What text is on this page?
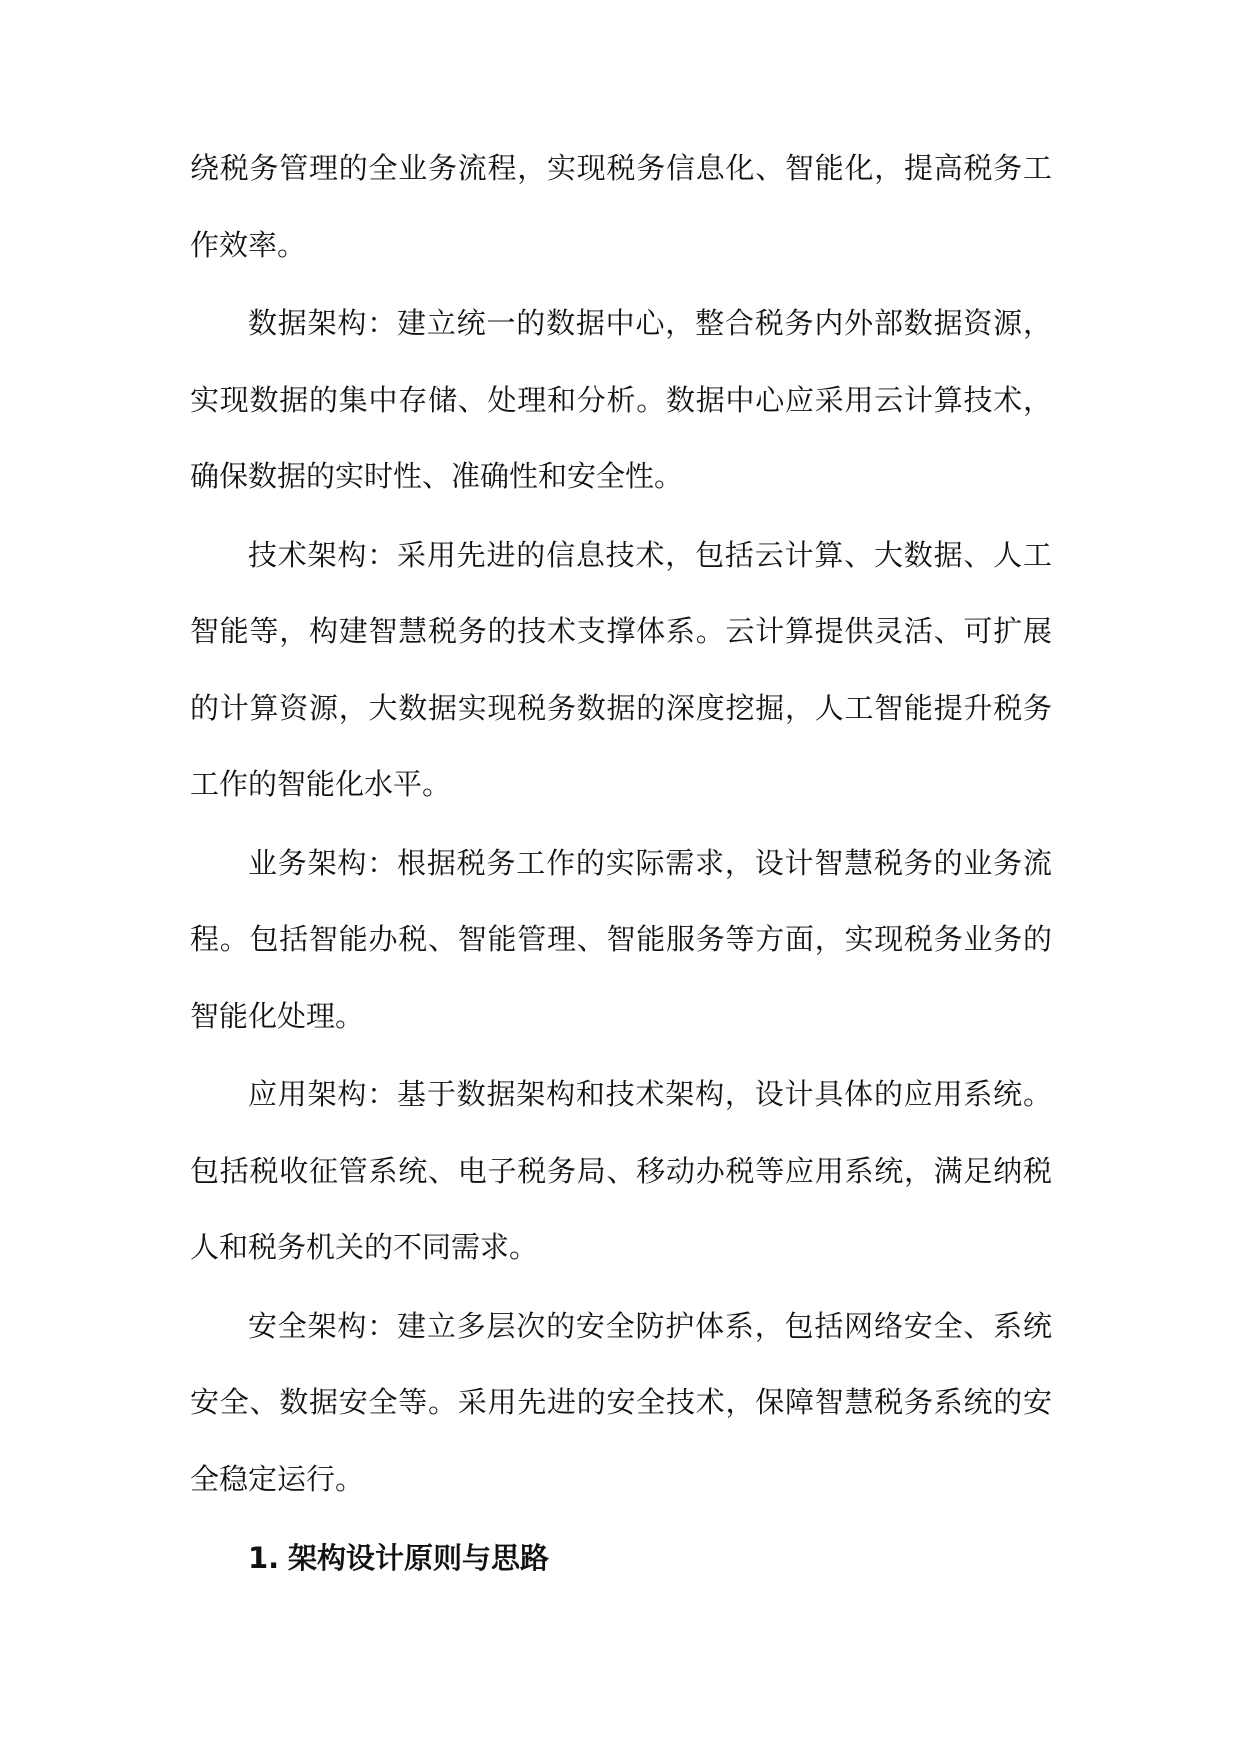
绕税务管理的全业务流程，实现税务信息化、智能化，提高税务工作效率。

数据架构：建立统一的数据中心，整合税务内外部数据资源，实现数据的集中存储、处理和分析。数据中心应采用云计算技术，确保数据的实时性、准确性和安全性。

技术架构：采用先进的信息技术，包括云计算、大数据、人工智能等，构建智慧税务的技术支撑体系。云计算提供灵活、可扩展的计算资源，大数据实现税务数据的深度挖掘，人工智能提升税务工作的智能化水平。

业务架构：根据税务工作的实际需求，设计智慧税务的业务流程。包括智能办税、智能管理、智能服务等方面，实现税务业务的智能化处理。

应用架构：基于数据架构和技术架构，设计具体的应用系统。包括税收征管系统、电子税务局、移动办税等应用系统，满足纳税人和税务机关的不同需求。

安全架构：建立多层次的安全防护体系，包括网络安全、系统安全、数据安全等。采用先进的安全技术，保障智慧税务系统的安全稳定运行。

1. 架构设计原则与思路
